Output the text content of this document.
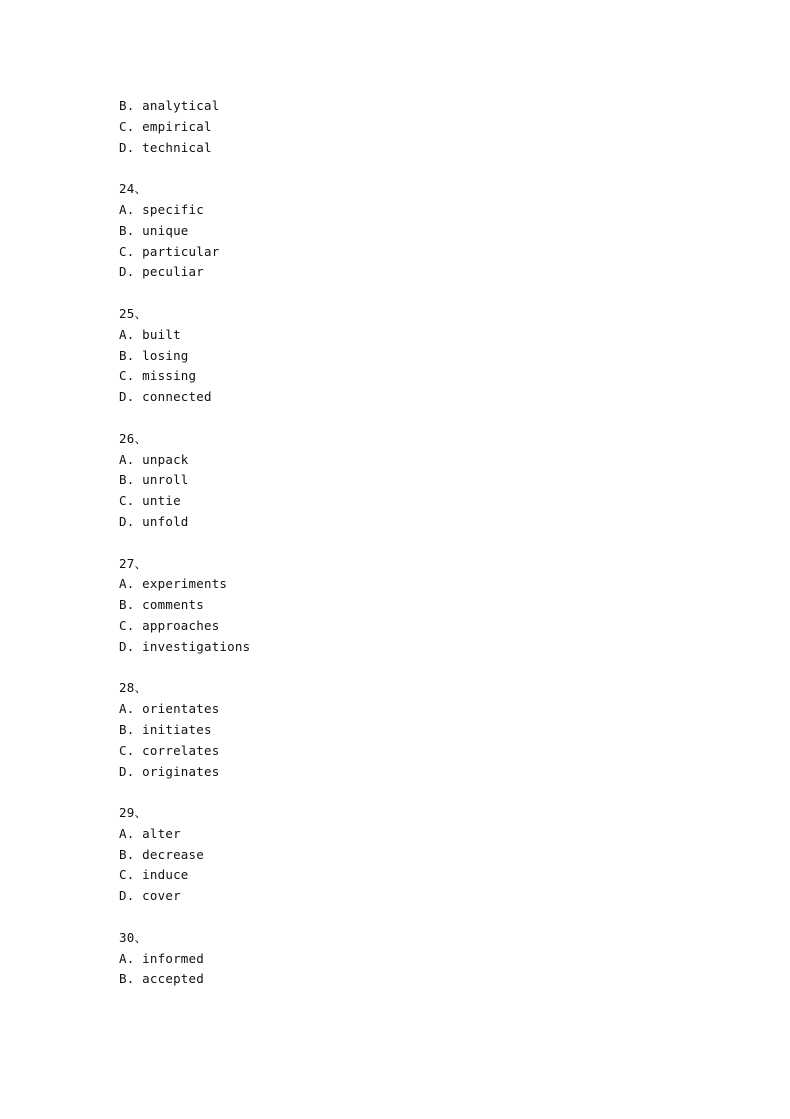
B. analytical
C. empirical
D. technical
24、
A. specific
B. unique
C. particular
D. peculiar
25、
A. built
B. losing
C. missing
D. connected
26、
A. unpack
B. unroll
C. untie
D. unfold
27、
A. experiments
B. comments
C. approaches
D. investigations
28、
A. orientates
B. initiates
C. correlates
D. originates
29、
A. alter
B. decrease
C. induce
D. cover
30、
A. informed
B. accepted
